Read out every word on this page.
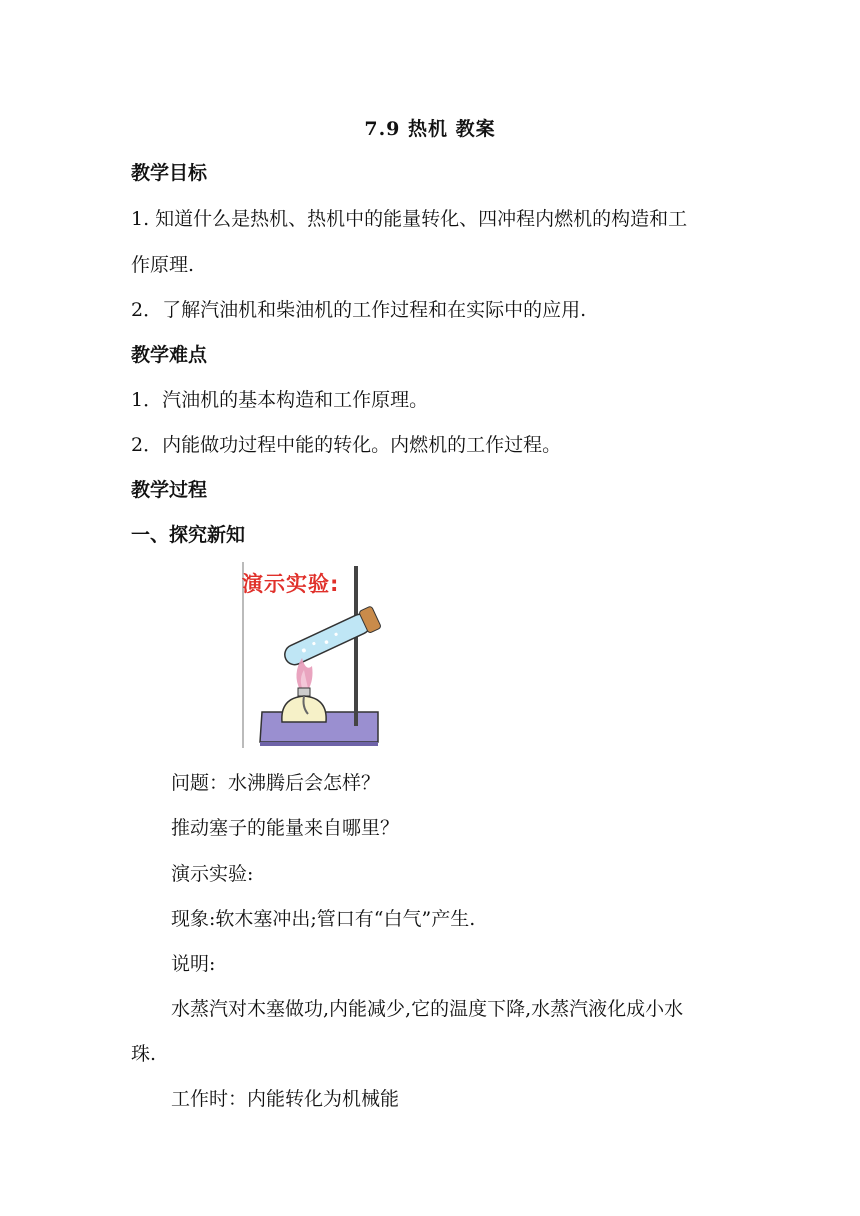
7.9 热机 教案
教学目标
1. 知道什么是热机、热机中的能量转化、四冲程内燃机的构造和工
作原理.
2．了解汽油机和柴油机的工作过程和在实际中的应用.
教学难点
1．汽油机的基本构造和工作原理。
2．内能做功过程中能的转化。内燃机的工作过程。
教学过程
一、探究新知
演示实验:
问题：水沸腾后会怎样？
推动塞子的能量来自哪里？
演示实验:
现象:软木塞冲出;管口有“白气”产生.
说明:
水蒸汽对木塞做功,内能减少,它的温度下降,水蒸汽液化成小水
珠.
工作时：内能转化为机械能
